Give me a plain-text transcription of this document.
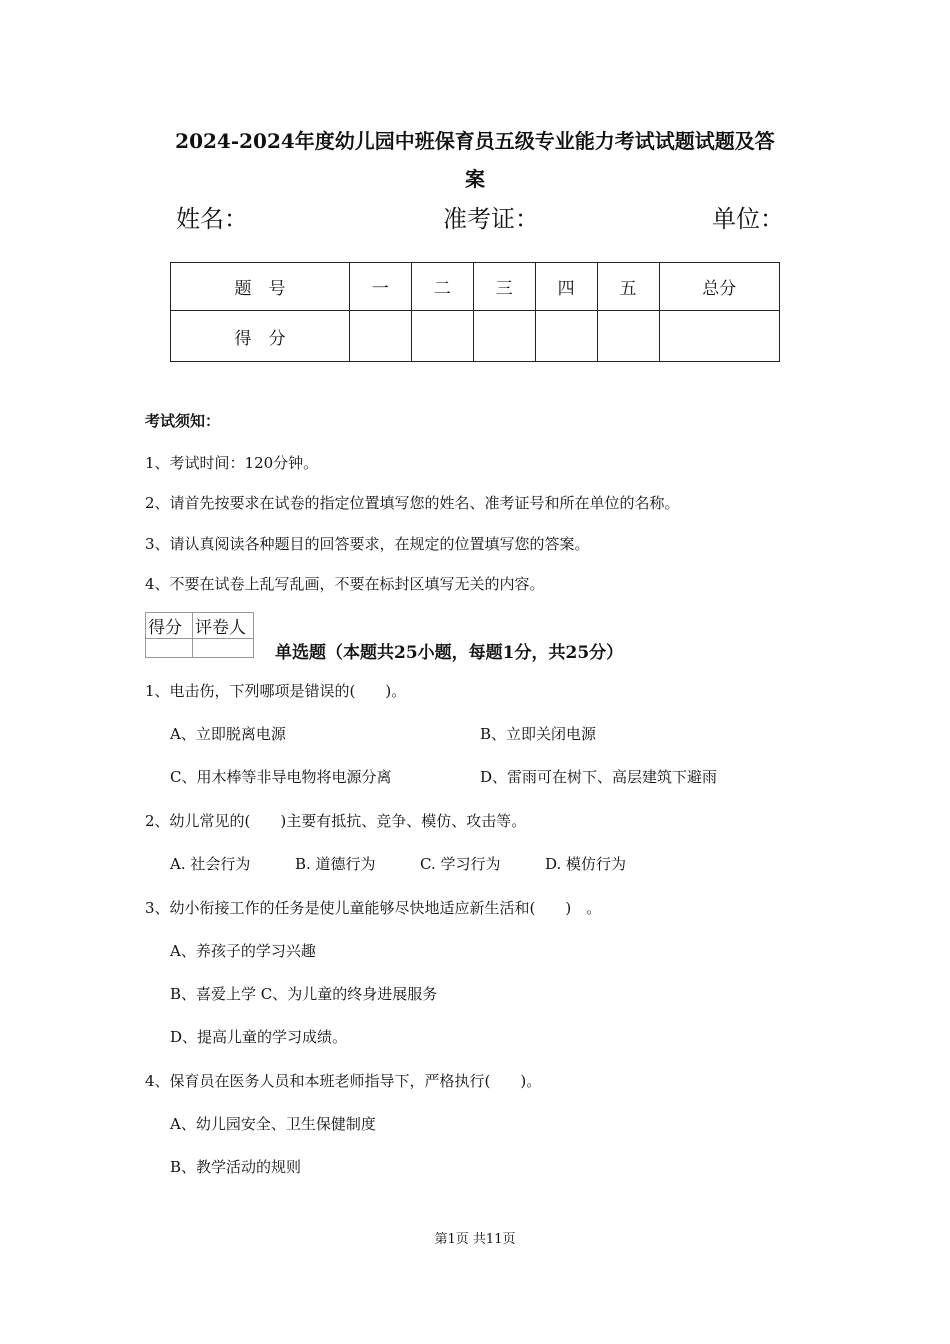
2024-2024年度幼儿园中班保育员五级专业能力考试试题试题及答
案
姓名：	准考证：	单位：
题　号	一	二	三	四	五	总分
得　分						
考试须知：
1、考试时间：120分钟。
2、请首先按要求在试卷的指定位置填写您的姓名、准考证号和所在单位的名称。
3、请认真阅读各种题目的回答要求，在规定的位置填写您的答案。
4、不要在试卷上乱写乱画，不要在标封区填写无关的内容。
得分	评卷人

单选题（本题共25小题，每题1分，共25分）
1、电击伤，下列哪项是错误的(　　)。
A、立即脱离电源	B、立即关闭电源
C、用木棒等非导电物将电源分离	D、雷雨可在树下、高层建筑下避雨
2、幼儿常见的(　　)主要有抵抗、竞争、模仿、攻击等。
A. 社会行为	B. 道德行为	C. 学习行为	D. 模仿行为
3、幼小衔接工作的任务是使儿童能够尽快地适应新生活和(　　)　。
A、养孩子的学习兴趣
B、喜爱上学 C、为儿童的终身进展服务
D、提高儿童的学习成绩。
4、保育员在医务人员和本班老师指导下，严格执行(　　)。
A、幼儿园安全、卫生保健制度
B、教学活动的规则
第1页 共11页
